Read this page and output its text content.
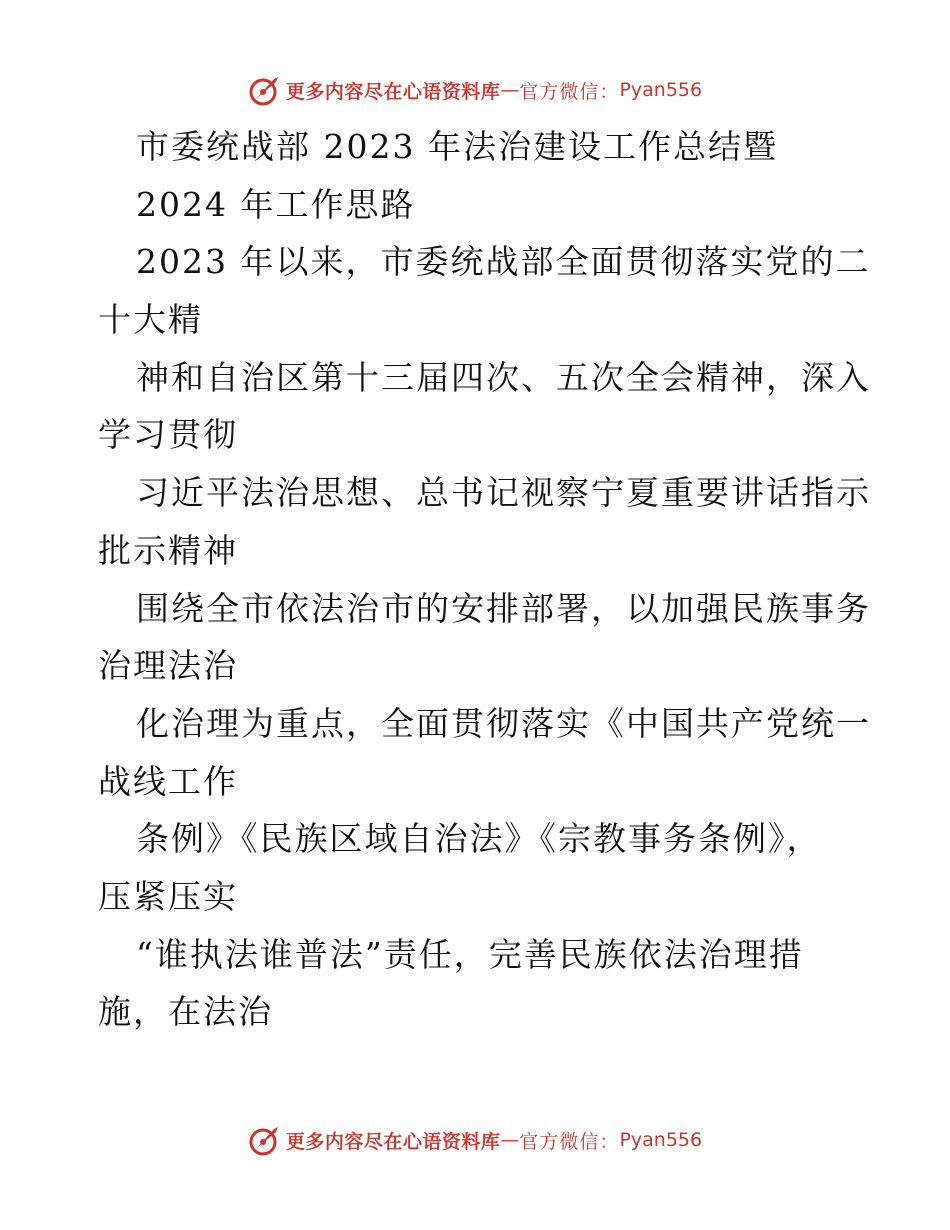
更多内容尽在心语资料库 — 官方微信： Pyan556
市委统战部 2023 年法治建设工作总结暨
2024 年工作思路
2023 年以来，市委统战部全面贯彻落实党的二
十大精
神和自治区第十三届四次、五次全会精神，深入
学习贯彻
习近平法治思想、总书记视察宁夏重要讲话指示
批示精神
围绕全市依法治市的安排部署，以加强民族事务
治理法治
化治理为重点，全面贯彻落实《中国共产党统一
战线工作
条例》《民族区域自治法》《宗教事务条例》，
压紧压实
“谁执法谁普法”责任，完善民族依法治理措
施，在法治
更多内容尽在心语资料库 — 官方微信： Pyan556
